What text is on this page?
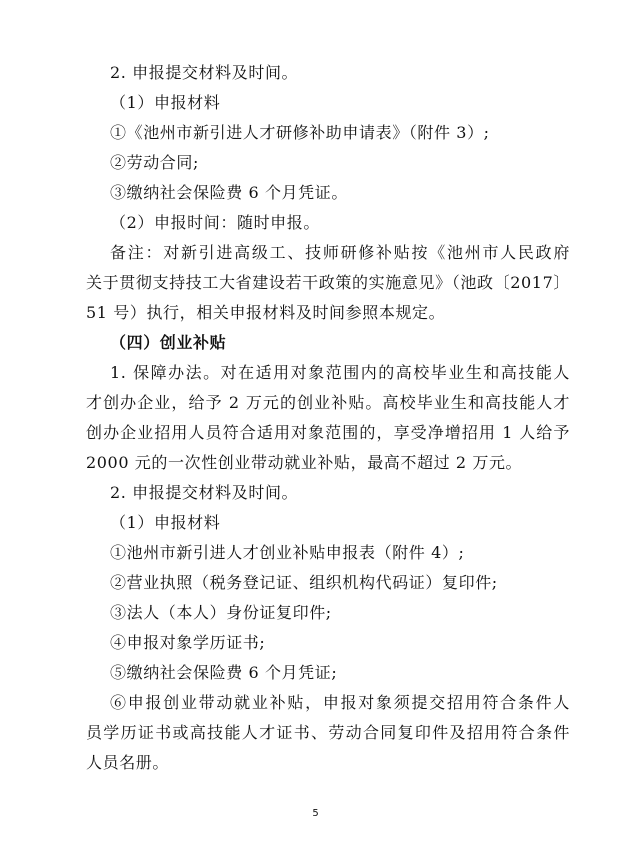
2. 申报提交材料及时间。
（1）申报材料
①《池州市新引进人才研修补助申请表》（附件 3）;
②劳动合同;
③缴纳社会保险费 6 个月凭证。
（2）申报时间：随时申报。
备注：对新引进高级工、技师研修补贴按《池州市人民政府
关于贯彻支持技工大省建设若干政策的实施意见》（池政〔2017〕
51 号）执行，相关申报材料及时间参照本规定。
（四）创业补贴
1. 保障办法。对在适用对象范围内的高校毕业生和高技能人
才创办企业，给予 2 万元的创业补贴。高校毕业生和高技能人才
创办企业招用人员符合适用对象范围的，享受净增招用 1 人给予
2000 元的一次性创业带动就业补贴，最高不超过 2 万元。
2. 申报提交材料及时间。
（1）申报材料
①池州市新引进人才创业补贴申报表（附件 4）;
②营业执照（税务登记证、组织机构代码证）复印件;
③法人（本人）身份证复印件;
④申报对象学历证书;
⑤缴纳社会保险费 6 个月凭证;
⑥申报创业带动就业补贴，申报对象须提交招用符合条件人
员学历证书或高技能人才证书、劳动合同复印件及招用符合条件
人员名册。
5
